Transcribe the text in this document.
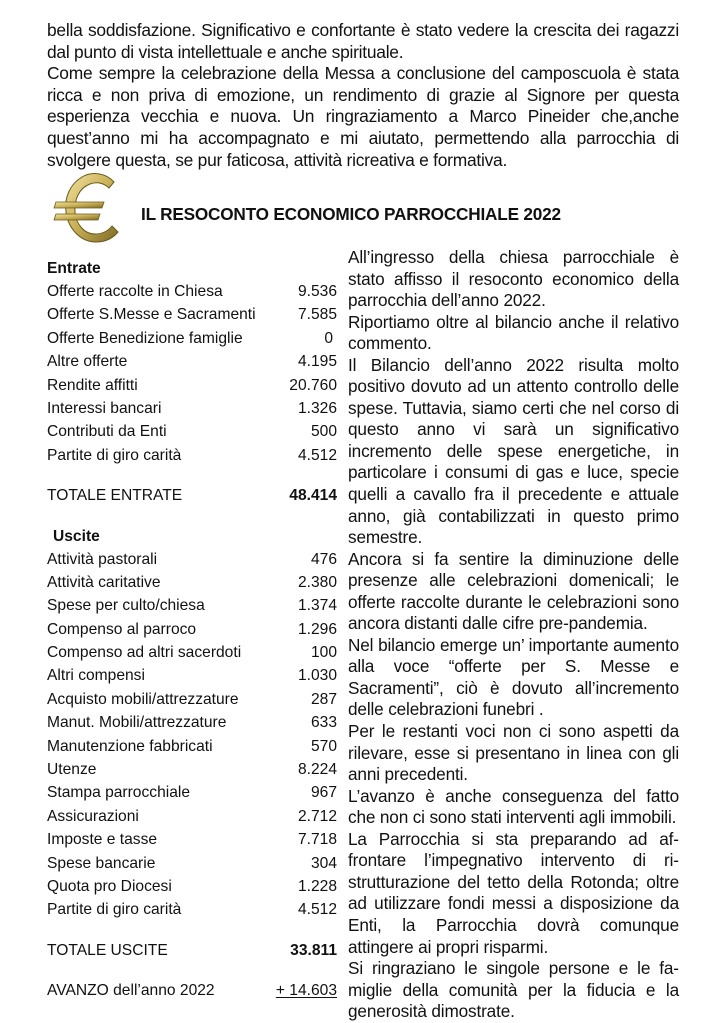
bella soddisfazione. Significativo e confortante è stato vedere la crescita dei ragazzi dal punto di vista intellettuale e anche spirituale.

Come sempre la celebrazione della Messa a conclusione del camposcuola è stata ricca e non priva di emozione, un rendimento di grazie al Signore per questa esperienza vecchia e nuova. Un ringraziamento a Marco Pineider che,anche quest’anno mi ha accompagnato e mi aiutato, permettendo alla parrocchia di svolgere questa, se pur faticosa, attività ricreativa e formativa.

IL RESOCONTO ECONOMICO PARROCCHIALE 2022
Entrate
Offerte raccolte in Chiesa	9.536
Offerte S.Messe e Sacramenti	7.585
Offerte Benedizione famiglie	0
Altre offerte	4.195
Rendite affitti	20.760
Interessi bancari	1.326
Contributi da Enti	500
Partite di giro carità	4.512
TOTALE ENTRATE	48.414
Uscite
Attività pastorali	476
Attività caritative	2.380
Spese per culto/chiesa	1.374
Compenso al parroco	1.296
Compenso ad altri sacerdoti	100
Altri compensi	1.030
Acquisto mobili/attrezzature	287
Manut. Mobili/attrezzature	633
Manutenzione fabbricati	570
Utenze	8.224
Stampa parrocchiale	967
Assicurazioni	2.712
Imposte e tasse	7.718
Spese bancarie	304
Quota pro Diocesi	1.228
Partite di giro carità	4.512
TOTALE USCITE	33.811
AVANZO dell’anno 2022	+ 14.603

All’ingresso della chiesa parrocchiale è stato affisso il resoconto economico della parrocchia dell’anno 2022.

Riportiamo oltre al bilancio anche il relativo commento.

Il Bilancio dell’anno 2022 risulta molto positivo dovuto ad un attento controllo delle spese. Tuttavia, siamo certi che nel corso di questo anno vi sarà un significativo incremento delle spese energetiche, in particolare i consumi di gas e luce, specie quelli a cavallo fra il precedente e attuale anno, già contabilizzati in questo primo semestre.

Ancora si fa sentire la diminuzione delle presenze alle celebrazioni domenicali; le offerte raccolte durante le celebrazioni sono ancora distanti dalle cifre pre-pandemia.

Nel bilancio emerge un’ importante aumento alla voce “offerte per S. Messe e Sacramenti”, ciò è dovuto all’incremento delle celebrazioni funebri .

Per le restanti voci non ci sono aspetti da rilevare, esse si presentano in linea con gli anni precedenti.

L’avanzo è anche conseguenza del fatto che non ci sono stati interventi agli immobili.

La Parrocchia si sta preparando ad affrontare l’impegnativo intervento di ristrutturazione del tetto della Rotonda; oltre ad utilizzare fondi messi a disposizione da Enti, la Parrocchia dovrà comunque attingere ai propri risparmi.

Si ringraziano le singole persone e le famiglie della comunità per la fiducia e la generosità dimostrate.
